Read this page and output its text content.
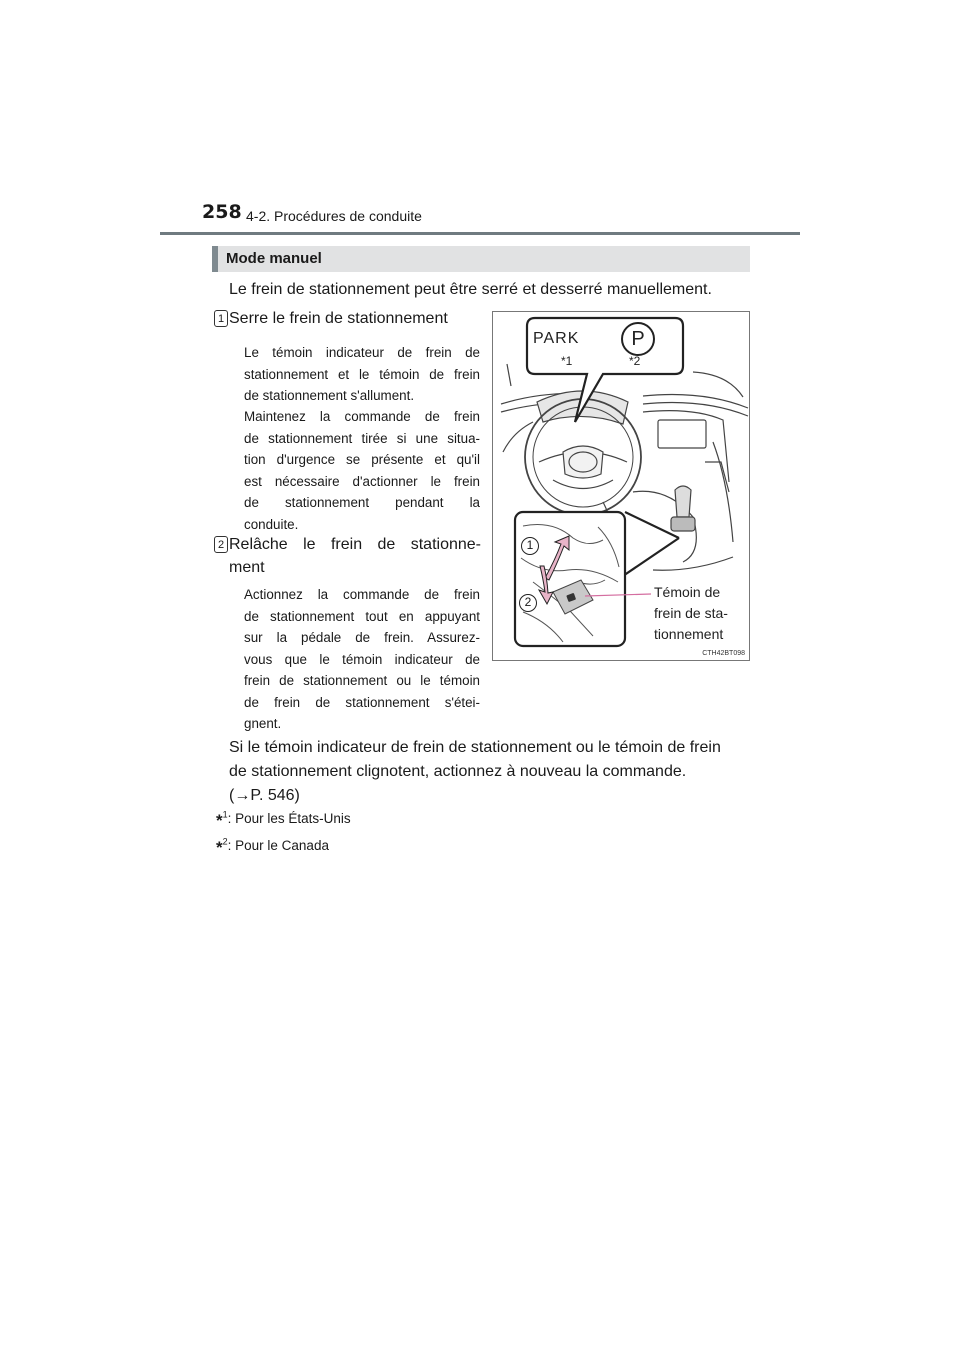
258 4-2. Procédures de conduite
Mode manuel
Le frein de stationnement peut être serré et desserré manuellement.
1 Serre le frein de stationnement
Le témoin indicateur de frein de
stationnement et le témoin de frein
de stationnement s'allument.
Maintenez la commande de frein
de stationnement tirée si une situa-
tion d'urgence se présente et qu'il
est nécessaire d'actionner le frein
de stationnement pendant la
conduite.
2 Relâche le frein de stationne-
ment
Actionnez la commande de frein
de stationnement tout en appuyant
sur la pédale de frein. Assurez-
vous que le témoin indicateur de
frein de stationnement ou le témoin
de frein de stationnement s'étei-
gnent.
PARK	P
*1	*2
1
2
Témoin de
frein de sta-
tionnement
CTH42BT098
Si le témoin indicateur de frein de stationnement ou le témoin de frein
de stationnement clignotent, actionnez à nouveau la commande.
(→P. 546)
*$^1$: Pour les États-Unis
*$^2$: Pour le Canada
